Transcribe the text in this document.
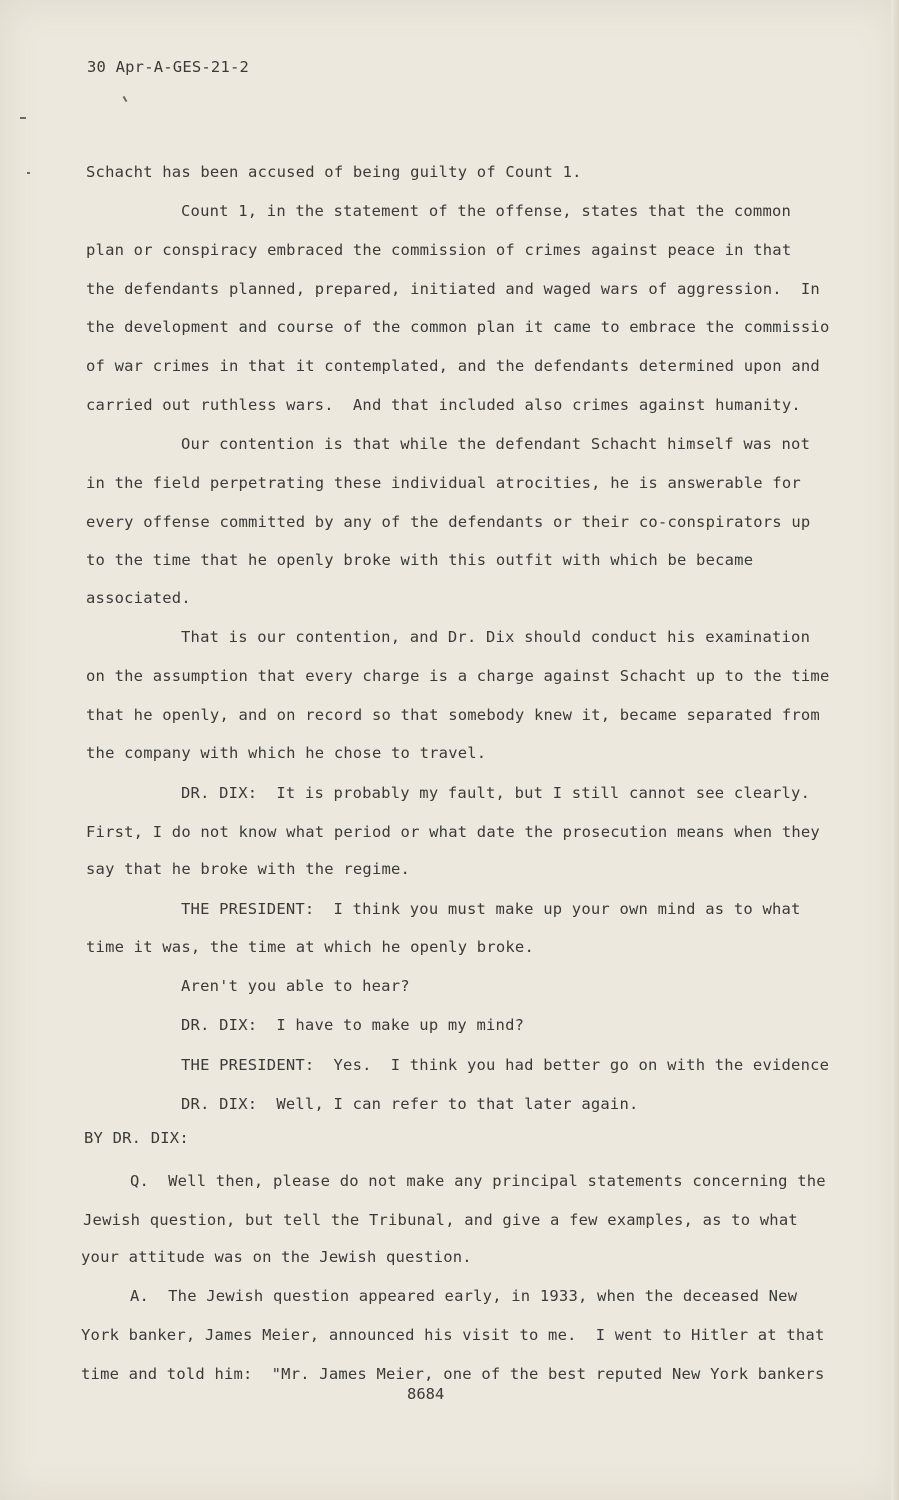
30 Apr-A-GES-21-2
Schacht has been accused of being guilty of Count 1.
Count 1, in the statement of the offense, states that the common
plan or conspiracy embraced the commission of crimes against peace in that
the defendants planned, prepared, initiated and waged wars of aggression.  In
the development and course of the common plan it came to embrace the commissio
of war crimes in that it contemplated, and the defendants determined upon and
carried out ruthless wars.  And that included also crimes against humanity.
Our contention is that while the defendant Schacht himself was not
in the field perpetrating these individual atrocities, he is answerable for
every offense committed by any of the defendants or their co-conspirators up
to the time that he openly broke with this outfit with which be became
associated.
That is our contention, and Dr. Dix should conduct his examination
on the assumption that every charge is a charge against Schacht up to the time
that he openly, and on record so that somebody knew it, became separated from
the company with which he chose to travel.
DR. DIX:  It is probably my fault, but I still cannot see clearly.
First, I do not know what period or what date the prosecution means when they
say that he broke with the regime.
THE PRESIDENT:  I think you must make up your own mind as to what
time it was, the time at which he openly broke.
Aren't you able to hear?
DR. DIX:  I have to make up my mind?
THE PRESIDENT:  Yes.  I think you had better go on with the evidence
DR. DIX:  Well, I can refer to that later again.
BY DR. DIX:
Q.  Well then, please do not make any principal statements concerning the
Jewish question, but tell the Tribunal, and give a few examples, as to what
your attitude was on the Jewish question.
A.  The Jewish question appeared early, in 1933, when the deceased New
York banker, James Meier, announced his visit to me.  I went to Hitler at that
time and told him:  "Mr. James Meier, one of the best reputed New York bankers
8684
